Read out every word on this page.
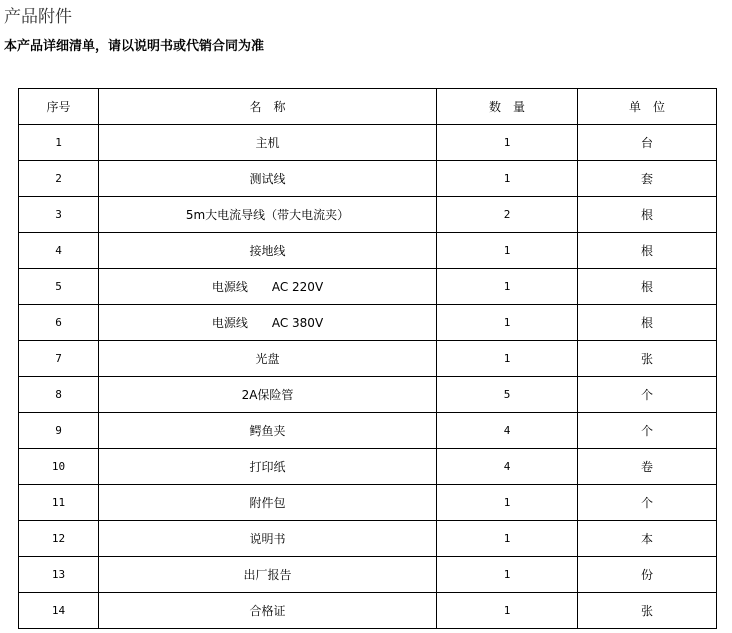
产品附件
本产品详细清单，请以说明书或代销合同为准
序号	名　称	数　量	单　位
1	主机	1	台
2	测试线	1	套
3	5m大电流导线（带大电流夹）	2	根
4	接地线	1	根
5	电源线　　AC 220V	1	根
6	电源线　　AC 380V	1	根
7	光盘	1	张
8	2A保险管	5	个
9	鳄鱼夹	4	个
10	打印纸	4	卷
11	附件包	1	个
12	说明书	1	本
13	出厂报告	1	份
14	合格证	1	张
